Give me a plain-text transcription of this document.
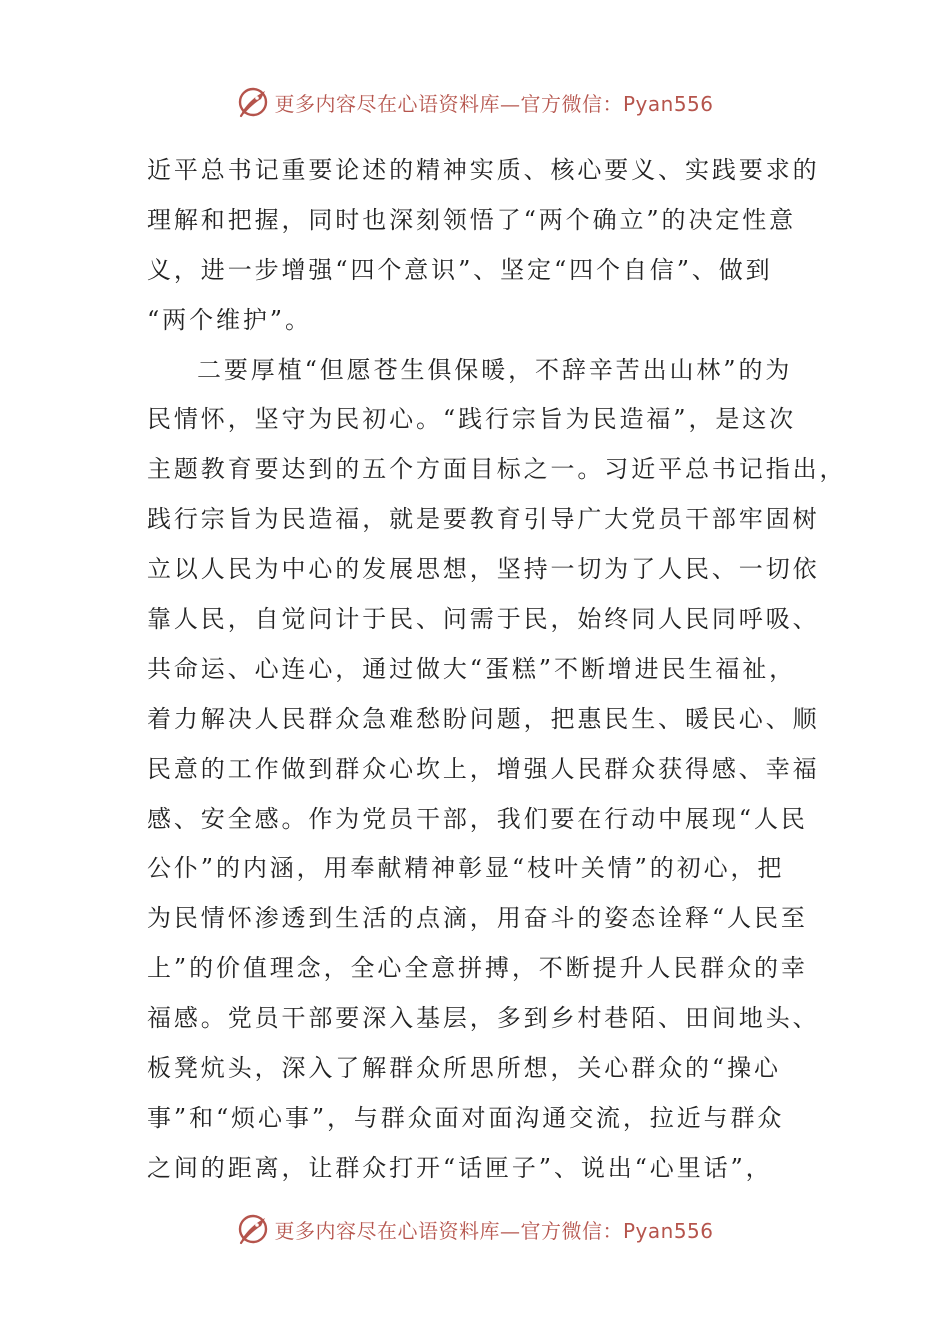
更多内容尽在心语资料库—官方微信：Pyan556
近平总书记重要论述的精神实质、核心要义、实践要求的
理解和把握，同时也深刻领悟了“两个确立”的决定性意
义，进一步增强“四个意识”、坚定“四个自信”、做到
“两个维护”。
二要厚植“但愿苍生俱保暖，不辞辛苦出山林”的为
民情怀，坚守为民初心。“践行宗旨为民造福”，是这次
主题教育要达到的五个方面目标之一。习近平总书记指出，
践行宗旨为民造福，就是要教育引导广大党员干部牢固树
立以人民为中心的发展思想，坚持一切为了人民、一切依
靠人民，自觉问计于民、问需于民，始终同人民同呼吸、
共命运、心连心，通过做大“蛋糕”不断增进民生福祉，
着力解决人民群众急难愁盼问题，把惠民生、暖民心、顺
民意的工作做到群众心坎上，增强人民群众获得感、幸福
感、安全感。作为党员干部，我们要在行动中展现“人民
公仆”的内涵，用奉献精神彰显“枝叶关情”的初心，把
为民情怀渗透到生活的点滴，用奋斗的姿态诠释“人民至
上”的价值理念，全心全意拼搏，不断提升人民群众的幸
福感。党员干部要深入基层，多到乡村巷陌、田间地头、
板凳炕头，深入了解群众所思所想，关心群众的“操心
事”和“烦心事”，与群众面对面沟通交流，拉近与群众
之间的距离，让群众打开“话匣子”、说出“心里话”，
更多内容尽在心语资料库—官方微信：Pyan556
